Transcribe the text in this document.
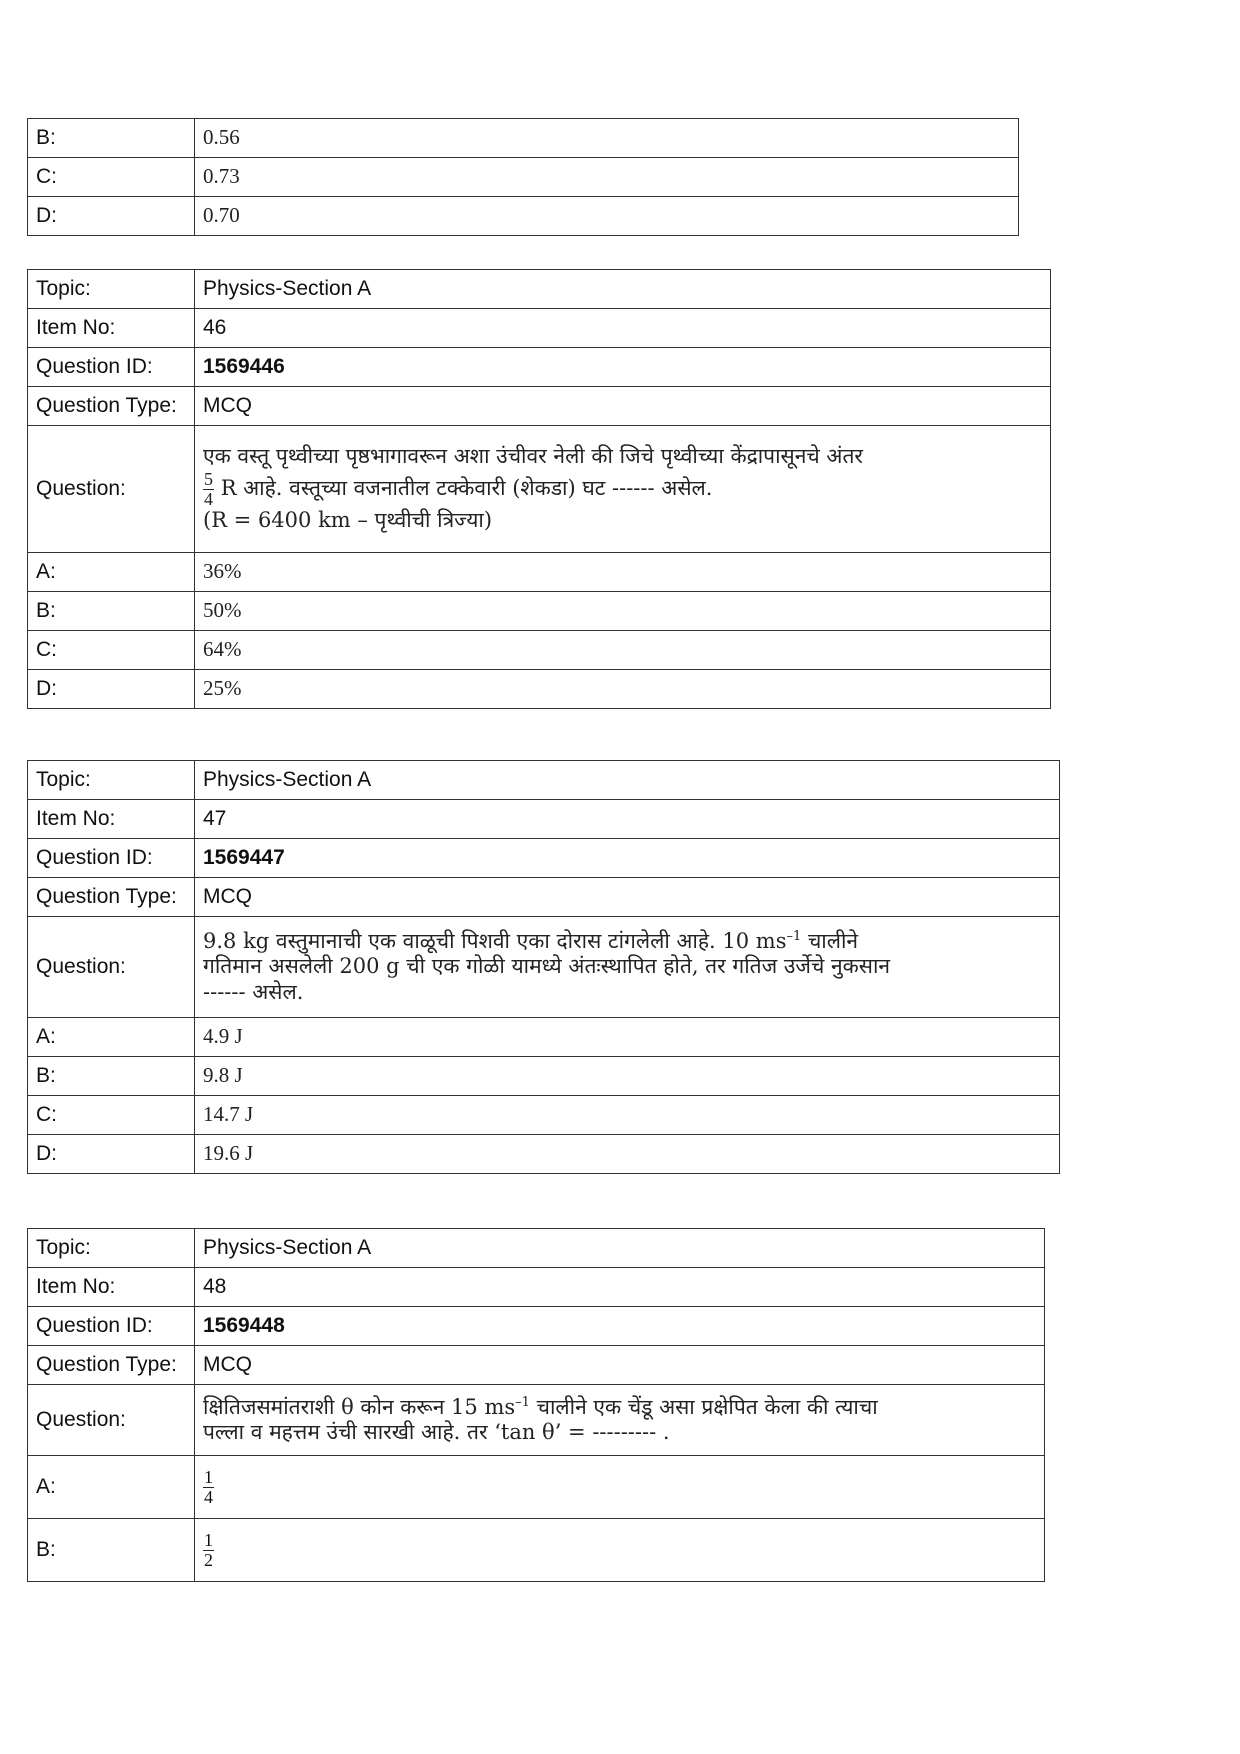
B:	0.56
C:	0.73
D:	0.70
Topic:	Physics-Section A
Item No:	46
Question ID:	1569446
Question Type:	MCQ
Question:	एक वस्तू पृथ्वीच्या पृष्ठभागावरून अशा उंचीवर नेली की जिचे पृथ्वीच्या केंद्रापासूनचे अंतर
$\frac{5}{4}$ R आहे. वस्तूच्या वजनातील टक्केवारी (शेकडा) घट ------ असेल.
(R = 6400 km – पृथ्वीची त्रिज्या)

A:	36%
B:	50%
C:	64%
D:	25%
Topic:	Physics-Section A
Item No:	47
Question ID:	1569447
Question Type:	MCQ
Question:	9.8 kg वस्तुमानाची एक वाळूची पिशवी एका दोरास टांगलेली आहे. 10 $ms^{-1}$ चालीने
गतिमान असलेली 200 g ची एक गोळी यामध्ये अंतःस्थापित होते, तर गतिज उर्जेचे नुकसान
------ असेल.

A:	4.9 J
B:	9.8 J
C:	14.7 J
D:	19.6 J
Topic:	Physics-Section A
Item No:	48
Question ID:	1569448
Question Type:	MCQ
Question:	क्षितिजसमांतराशी θ कोन करून 15 $ms^{-1}$ चालीने एक चेंडू असा प्रक्षेपित केला की त्याचा
पल्ला व महत्तम उंची सारखी आहे. तर ‘tan θ’ = --------- .

A:	$\frac{1}{4}$

B:	$\frac{1}{2}$
